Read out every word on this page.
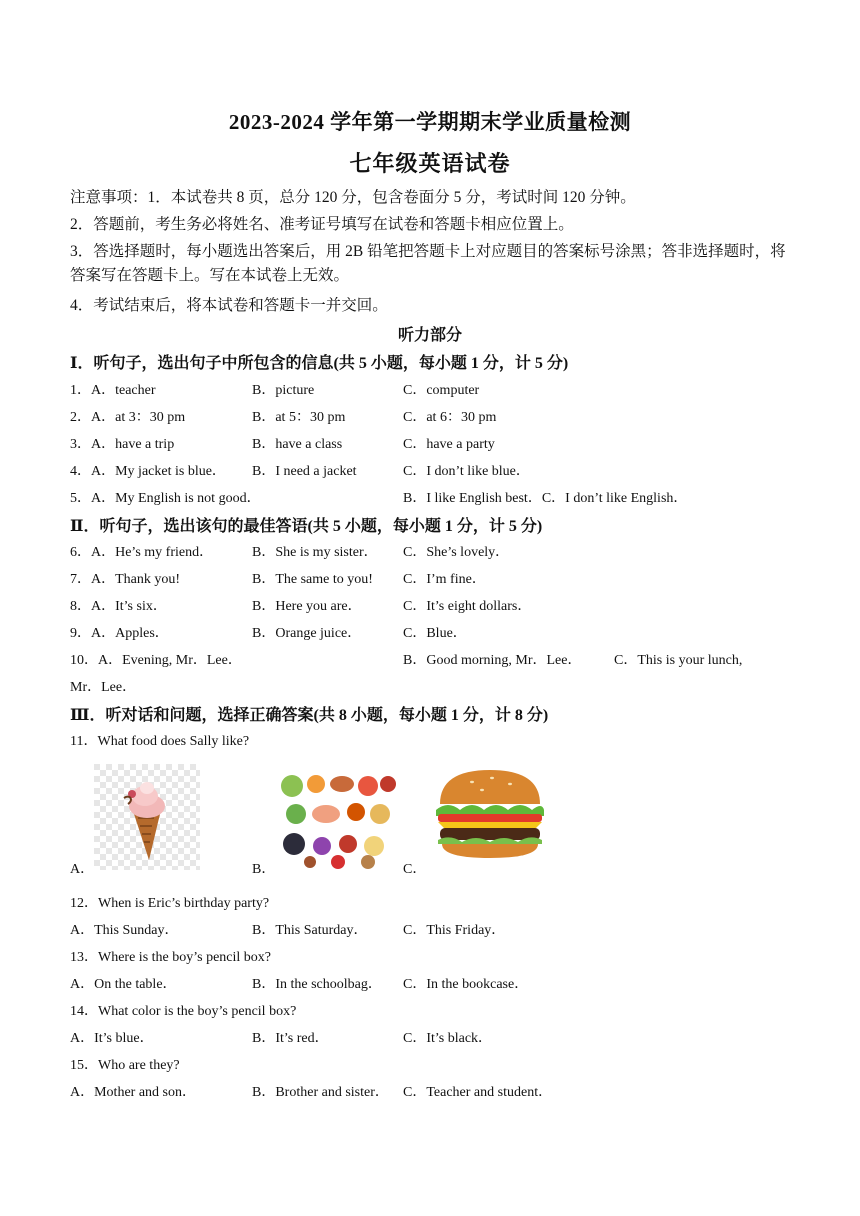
2023-2024 学年第一学期期末学业质量检测
七年级英语试卷
注意事项：1．本试卷共 8 页，总分 120 分，包含卷面分 5 分，考试时间 120 分钟。
2．答题前，考生务必将姓名、准考证号填写在试卷和答题卡相应位置上。
3．答选择题时，每小题选出答案后，用 2B 铅笔把答题卡上对应题目的答案标号涂黑；答非选择题时，将答案写在答题卡上。写在本试卷上无效。
4．考试结束后，将本试卷和答题卡一并交回。
听力部分
Ⅰ．听句子，选出句子中所包含的信息(共 5 小题，每小题 1 分，计 5 分)
1．A．teacher	B．picture	C．computer
2．A．at 3：30 pm	B．at 5：30 pm	C．at 6：30 pm
3．A．have a trip	B．have a class	C．have a party
4．A．My jacket is blue． B．I need a jacket	C．I don’t like blue．
5．A．My English is not good．	B．I like English best．C．I don’t like English．
Ⅱ．听句子，选出该句的最佳答语(共 5 小题，每小题 1 分，计 5 分)
6．A．He’s my friend．	B．She is my sister． C．She’s lovely．
7．A．Thank you!	B．The same to you! C．I’m fine．
8．A．It’s six．	B．Here you are．	C．It’s eight dollars．
9．A．Apples．	B．Orange juice．	C．Blue．
10．A．Evening, Mr．Lee．	B．Good morning, Mr．Lee． C．This is your lunch,
Mr．Lee．
Ⅲ．听对话和问题，选择正确答案(共 8 小题，每小题 1 分，计 8 分)
11．What food does Sally like?
A．	B．	C．
12．When is Eric’s birthday party?
A．This Sunday．	B．This Saturday．	C．This Friday．
13．Where is the boy’s pencil box?
A．On the table．	B．In the schoolbag． C．In the bookcase．
14．What color is the boy’s pencil box?
A．It’s blue．	B．It’s red．	C．It’s black．
15．Who are they?
A．Mother and son．	B．Brother and sister． C．Teacher and student．
